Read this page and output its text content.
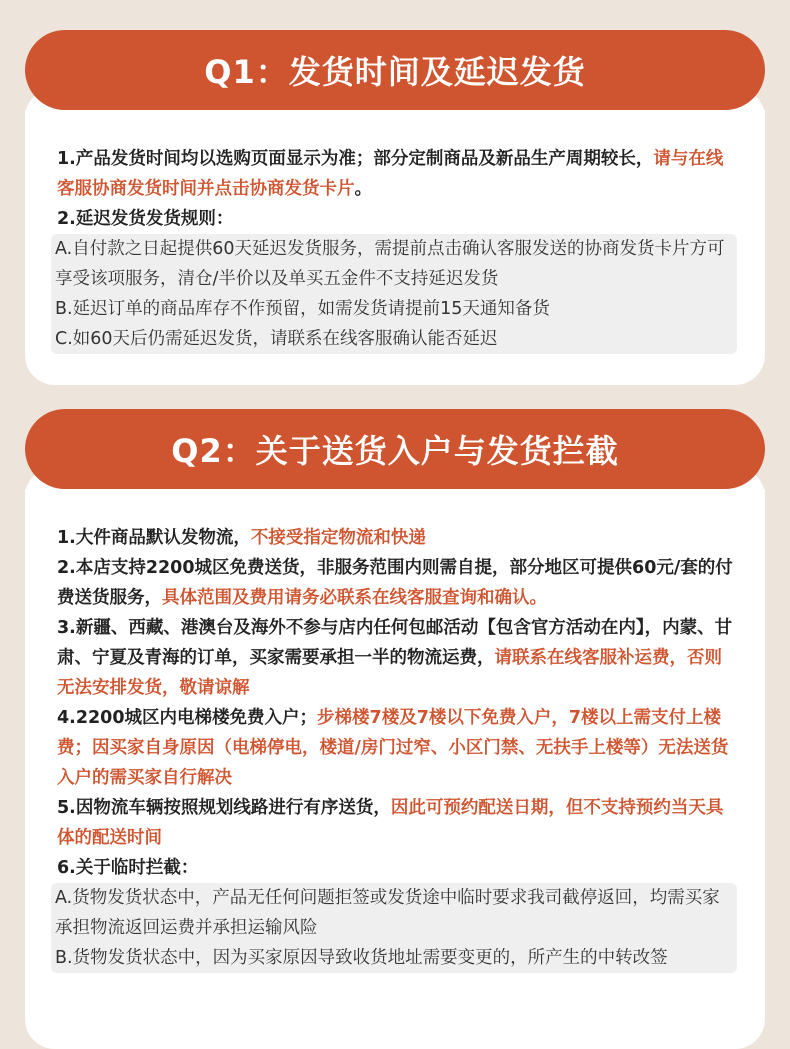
Q1：发货时间及延迟发货

1.产品发货时间均以选购页面显示为准；部分定制商品及新品生产周期较长，请与在线客服协商发货时间并点击协商发货卡片。

2.延迟发货发货规则：

A.自付款之日起提供60天延迟发货服务，需提前点击确认客服发送的协商发货卡片方可享受该项服务，清仓/半价以及单买五金件不支持延迟发货

B.延迟订单的商品库存不作预留，如需发货请提前15天通知备货

C.如60天后仍需延迟发货，请联系在线客服确认能否延迟

Q2：关于送货入户与发货拦截

1.大件商品默认发物流，不接受指定物流和快递

2.本店支持2200城区免费送货，非服务范围内则需自提，部分地区可提供60元/套的付费送货服务，具体范围及费用请务必联系在线客服查询和确认。

3.新疆、西藏、港澳台及海外不参与店内任何包邮活动【包含官方活动在内】，内蒙、甘肃、宁夏及青海的订单，买家需要承担一半的物流运费，请联系在线客服补运费，否则无法安排发货，敬请谅解

4.2200城区内电梯楼免费入户；步梯楼7楼及7楼以下免费入户，7楼以上需支付上楼费；因买家自身原因（电梯停电，楼道/房门过窄、小区门禁、无扶手上楼等）无法送货入户的需买家自行解决

5.因物流车辆按照规划线路进行有序送货，因此可预约配送日期，但不支持预约当天具体的配送时间

6.关于临时拦截：

A.货物发货状态中，产品无任何问题拒签或发货途中临时要求我司截停返回，均需买家承担物流返回运费并承担运输风险

B.货物发货状态中，因为买家原因导致收货地址需要变更的，所产生的中转改签
